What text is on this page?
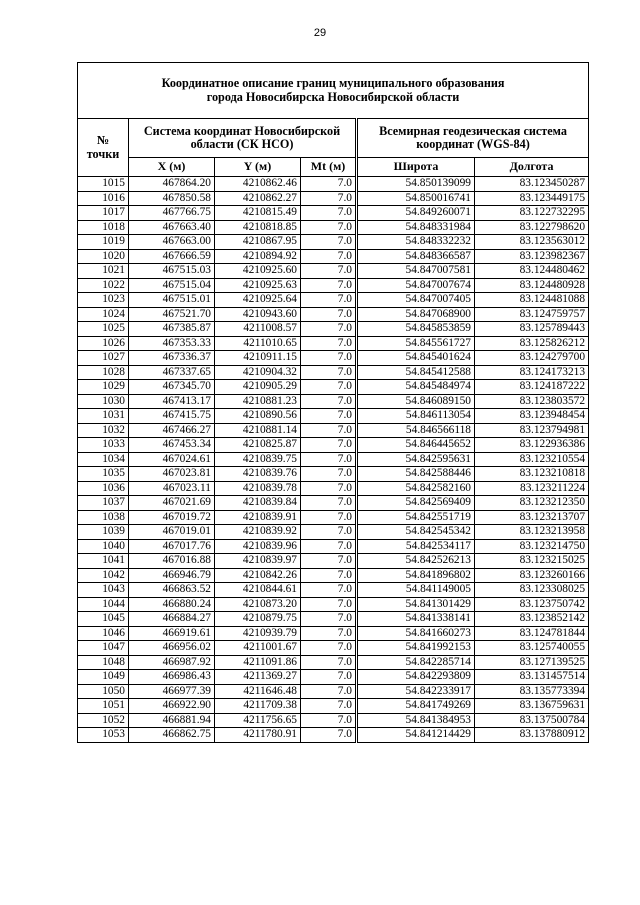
29
Координатное описание границ муниципального образования
города Новосибирска Новосибирской области					
№
точки	Система координат Новосибирской
области (СК НСО)			Всемирная геодезическая система
координат (WGS-84)	
	X (м)	Y (м)	Mt (м)	Широта	Долгота
1015	467864.20	4210862.46	7.0	54.850139099	83.123450287
1016	467850.58	4210862.27	7.0	54.850016741	83.123449175
1017	467766.75	4210815.49	7.0	54.849260071	83.122732295
1018	467663.40	4210818.85	7.0	54.848331984	83.122798620
1019	467663.00	4210867.95	7.0	54.848332232	83.123563012
1020	467666.59	4210894.92	7.0	54.848366587	83.123982367
1021	467515.03	4210925.60	7.0	54.847007581	83.124480462
1022	467515.04	4210925.63	7.0	54.847007674	83.124480928
1023	467515.01	4210925.64	7.0	54.847007405	83.124481088
1024	467521.70	4210943.60	7.0	54.847068900	83.124759757
1025	467385.87	4211008.57	7.0	54.845853859	83.125789443
1026	467353.33	4211010.65	7.0	54.845561727	83.125826212
1027	467336.37	4210911.15	7.0	54.845401624	83.124279700
1028	467337.65	4210904.32	7.0	54.845412588	83.124173213
1029	467345.70	4210905.29	7.0	54.845484974	83.124187222
1030	467413.17	4210881.23	7.0	54.846089150	83.123803572
1031	467415.75	4210890.56	7.0	54.846113054	83.123948454
1032	467466.27	4210881.14	7.0	54.846566118	83.123794981
1033	467453.34	4210825.87	7.0	54.846445652	83.122936386
1034	467024.61	4210839.75	7.0	54.842595631	83.123210554
1035	467023.81	4210839.76	7.0	54.842588446	83.123210818
1036	467023.11	4210839.78	7.0	54.842582160	83.123211224
1037	467021.69	4210839.84	7.0	54.842569409	83.123212350
1038	467019.72	4210839.91	7.0	54.842551719	83.123213707
1039	467019.01	4210839.92	7.0	54.842545342	83.123213958
1040	467017.76	4210839.96	7.0	54.842534117	83.123214750
1041	467016.88	4210839.97	7.0	54.842526213	83.123215025
1042	466946.79	4210842.26	7.0	54.841896802	83.123260166
1043	466863.52	4210844.61	7.0	54.841149005	83.123308025
1044	466880.24	4210873.20	7.0	54.841301429	83.123750742
1045	466884.27	4210879.75	7.0	54.841338141	83.123852142
1046	466919.61	4210939.79	7.0	54.841660273	83.124781844
1047	466956.02	4211001.67	7.0	54.841992153	83.125740055
1048	466987.92	4211091.86	7.0	54.842285714	83.127139525
1049	466986.43	4211369.27	7.0	54.842293809	83.131457514
1050	466977.39	4211646.48	7.0	54.842233917	83.135773394
1051	466922.90	4211709.38	7.0	54.841749269	83.136759631
1052	466881.94	4211756.65	7.0	54.841384953	83.137500784
1053	466862.75	4211780.91	7.0	54.841214429	83.137880912
